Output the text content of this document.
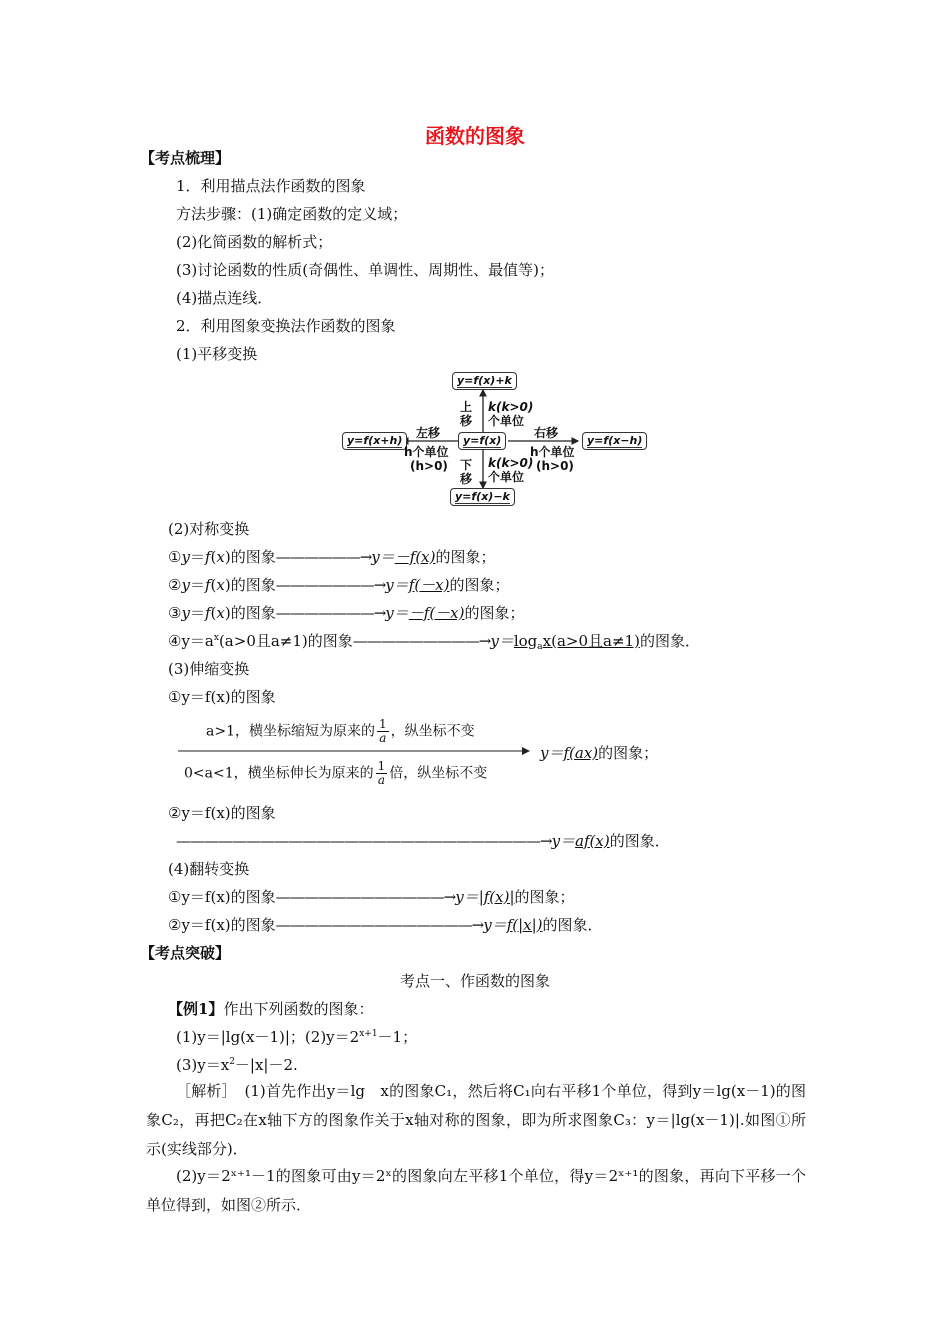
函数的图象
【考点梳理】
1．利用描点法作函数的图象
方法步骤：(1)确定函数的定义域；
(2)化简函数的解析式；
(3)讨论函数的性质(奇偶性、单调性、周期性、最值等)；
(4)描点连线．
2．利用图象变换法作函数的图象
(1)平移变换
y=f(x)+k
y=f(x)
y=f(x+h)	y=f(x−h)
y=f(x)−k
上
移
k(k>0)
个单位
左移
h个单位
(h>0)
右移
h个单位
(h>0)
下
移
k(k>0)
个单位
(2)对称变换
①y＝f(x)的图象——————→y＝－f(x)的图象；
②y＝f(x)的图象———————→y＝f(－x)的图象；
③y＝f(x)的图象———————→y＝－f(－x)的图象；
$④y=a^x(a>0$且a≠1)的图象$—————————\to y=\log_ax(a>0$且a≠1)的图象．
(3)伸缩变换
①y＝f(x)的图象
a>1，横坐标缩短为原来的 $\frac{1}{a}$ ，纵坐标不变
0<a<1，横坐标伸长为原来的 $\frac{1}{a}$ 倍，纵坐标不变
y＝f(ax)的图象；
②y＝f(x)的图象
——————————————————————————→y＝af(x)的图象．
(4)翻转变换
①y＝f(x)的图象————————————→y＝|f(x)|的图象；
②y＝f(x)的图象——————————————→y＝f(|x|)的图象．
【考点突破】
考点一、作函数的图象
【例1】作出下列函数的图象：
(1)y＝|lg(x－1)|；$(2)y=2^{x+1}-1$；
$(3)y=x^2-|x|-2$.
［解析］　(1)首先作出y＝lg　x的图象C₁，然后将C₁向右平移1个单位，得到y＝lg(x－1)的图象C₂，再把C₂在x轴下方的图象作关于x轴对称的图象，即为所求图象C₃：y＝|lg(x－1)|.如图①所示(实线部分)．
(2)y＝2ˣ⁺¹－1的图象可由y＝2ˣ的图象向左平移1个单位，得y＝2ˣ⁺¹的图象，再向下平移一个单位得到，如图②所示．
